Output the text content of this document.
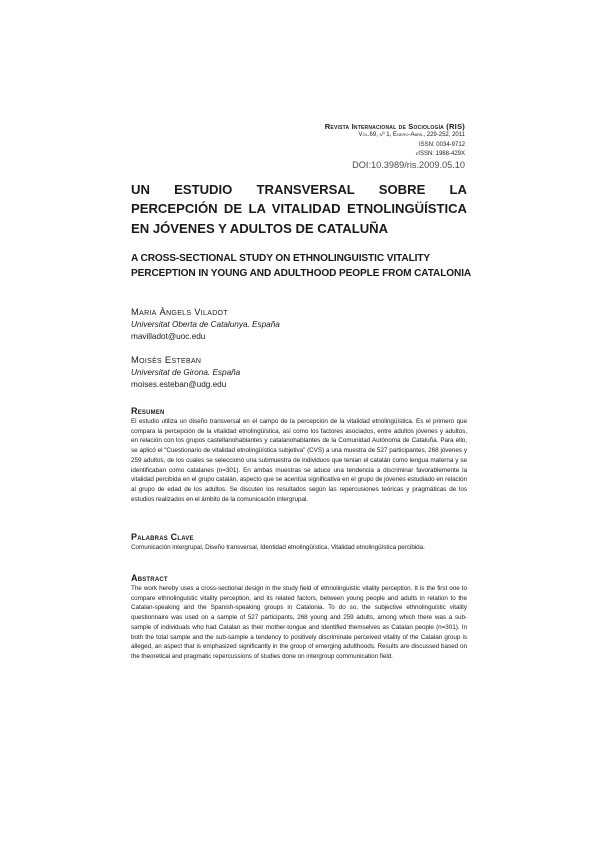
Revista Internacional de Sociología (RIS)
Vol.69, nº 1, Enero-Abril, 229-252, 2011
ISSN: 0034-9712
eISSN: 1988-429X
DOI:10.3989/ris.2009.05.10
UN ESTUDIO TRANSVERSAL SOBRE LA PERCEPCIÓN DE LA VITALIDAD ETNOLINGÜÍSTICA EN JÓVENES Y ADULTOS DE CATALUÑA
A CROSS-SECTIONAL STUDY ON ETHNOLINGUISTIC VITALITY PERCEPTION IN YOUNG AND ADULTHOOD PEOPLE FROM CATALONIA
Maria Àngels Viladot
Universitat Oberta de Catalunya. España
mavilladot@uoc.edu
Moisès Esteban
Universitat de Girona. España
moises.esteban@udg.edu
Resumen

El estudio utiliza un diseño transversal en el campo de la percepción de la vitalidad etnolingüística. Es el primero que compara la percepción de la vitalidad etnolingüística, así como los factores asociados, entre adultos jóvenes y adultos, en relación con los grupos castellanohablantes y catalanohablantes de la Comunidad Autónoma de Cataluña. Para ello, se aplicó el “Cuestionario de vitalidad etnolingüística subjetiva” (CVS) a una muestra de 527 participantes, 268 jóvenes y 259 adultos, de los cuales se seleccionó una submuestra de individuos que tenían el catalán como lengua materna y se identificaban como catalanes (n=301). En ambas muestras se aduce una tendencia a discriminar favorablemente la vitalidad percibida en el grupo catalán, aspecto que se acentúa significativa en el grupo de jóvenes estudiado en relación al grupo de edad de los adultos. Se discuten los resultados según las repercusiones teóricas y pragmáticas de los estudios realizados en el ámbito de la comunicación intergrupal.

Palabras Clave

Comunicación intergrupal, Diseño transversal, Identidad etnolingüística, Vitalidad etnolingüística percibida.

Abstract

The work hereby uses a cross-sectional design in the study field of ethnolinguistic vitality perception. It is the first one to compare ethnolinguistic vitality perception, and its related factors, between young people and adults in relation to the Catalan-speaking and the Spanish-speaking groups in Catalonia. To do so, the subjective ethnolinguistic vitality questionnaire was used on a sample of 527 participants, 268 young and 259 adults, among which there was a sub-sample of individuals who had Catalan as their mother-tongue and identified themselves as Catalan people (n=301). In both the total sample and the sub-sample a tendency to positively discriminate perceived vitality of the Catalan group is alleged, an aspect that is emphasized significantly in the group of emerging adulthoods. Results are discussed based on the theoretical and pragmatic repercussions of studies done on intergroup communication field.
